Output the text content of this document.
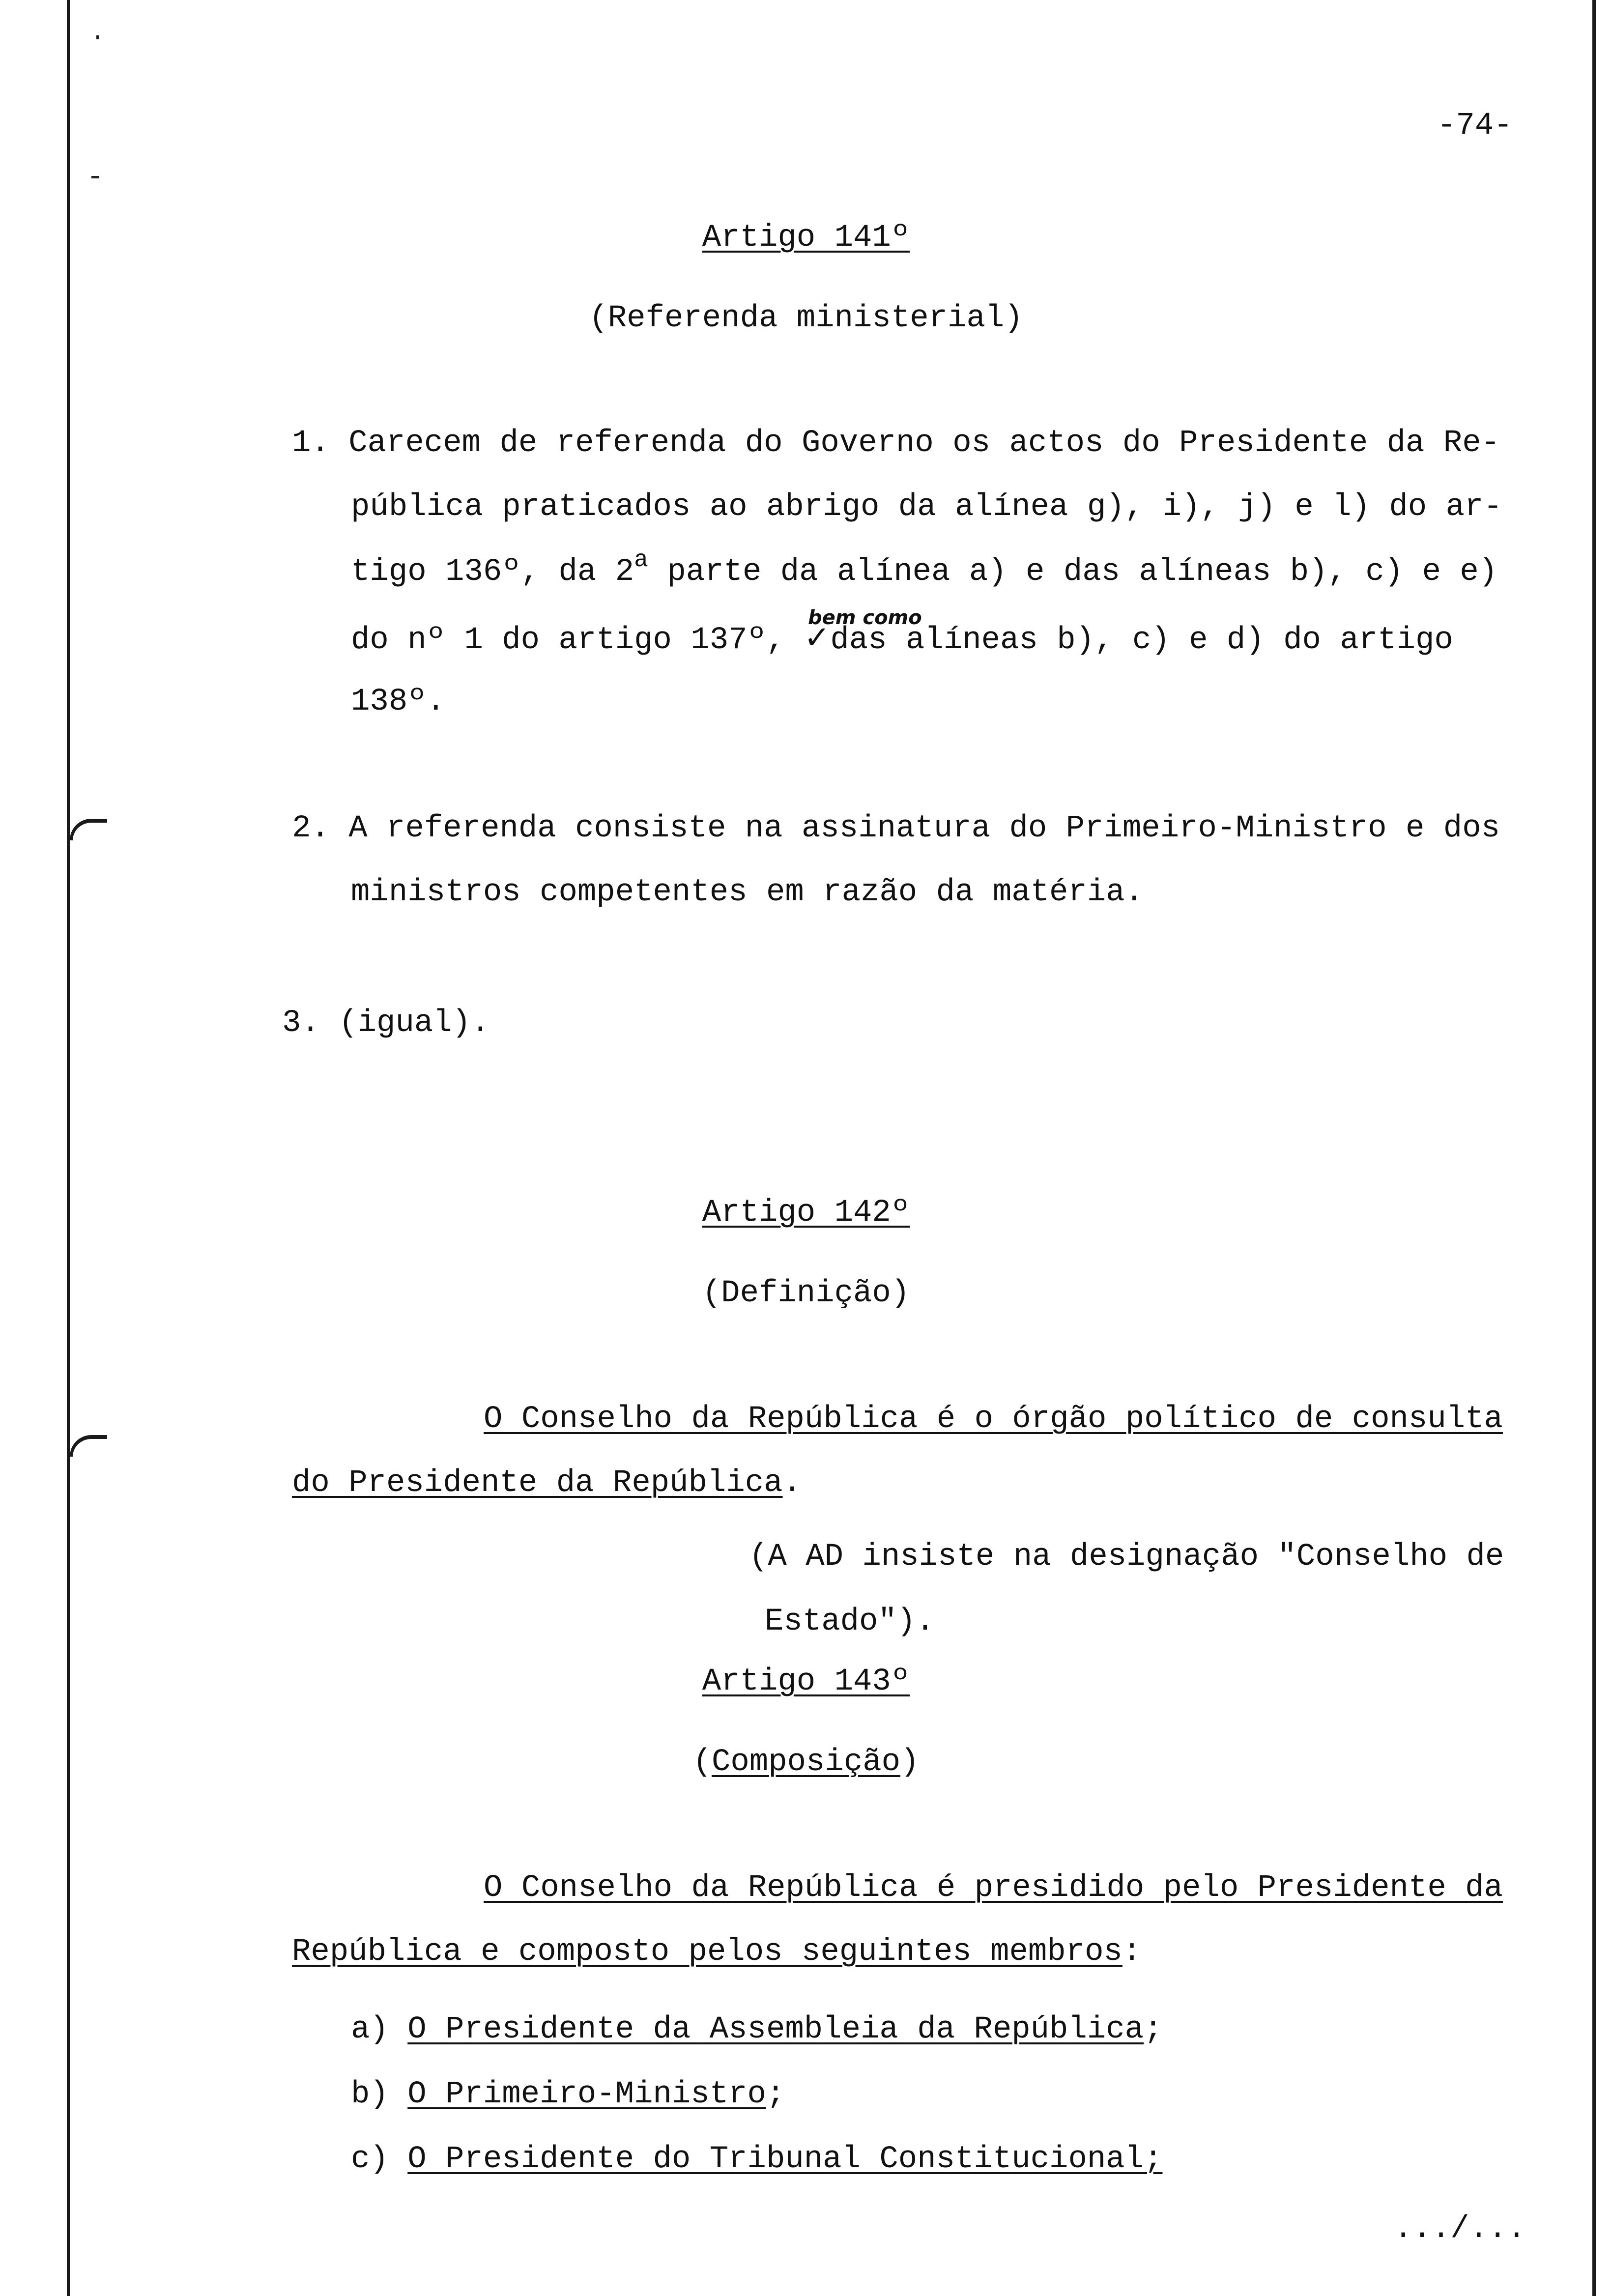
-74-
Artigo 141º
(Referenda ministerial)
1. Carecem de referenda do Governo os actos do Presidente da Re-
pública praticados ao abrigo da alínea g), i), j) e l) do ar-
tigo 136º, da 2$^a$ parte da alínea a) e das alíneas b), c) e e)
bem como
do nº 1 do artigo 137º, ✓das alíneas b), c) e d) do artigo
138º.
2. A referenda consiste na assinatura do Primeiro-Ministro e dos
ministros competentes em razão da matéria.
3. (igual).
Artigo 142º
(Definição)
O Conselho da República é o órgão político de consulta
do Presidente da República.
(A AD insiste na designação "Conselho de
Estado").
Artigo 143º
(Composição)
O Conselho da República é presidido pelo Presidente da
República e composto pelos seguintes membros:
a) O Presidente da Assembleia da República;
b) O Primeiro-Ministro;
c) O Presidente do Tribunal Constitucional;
.../...
